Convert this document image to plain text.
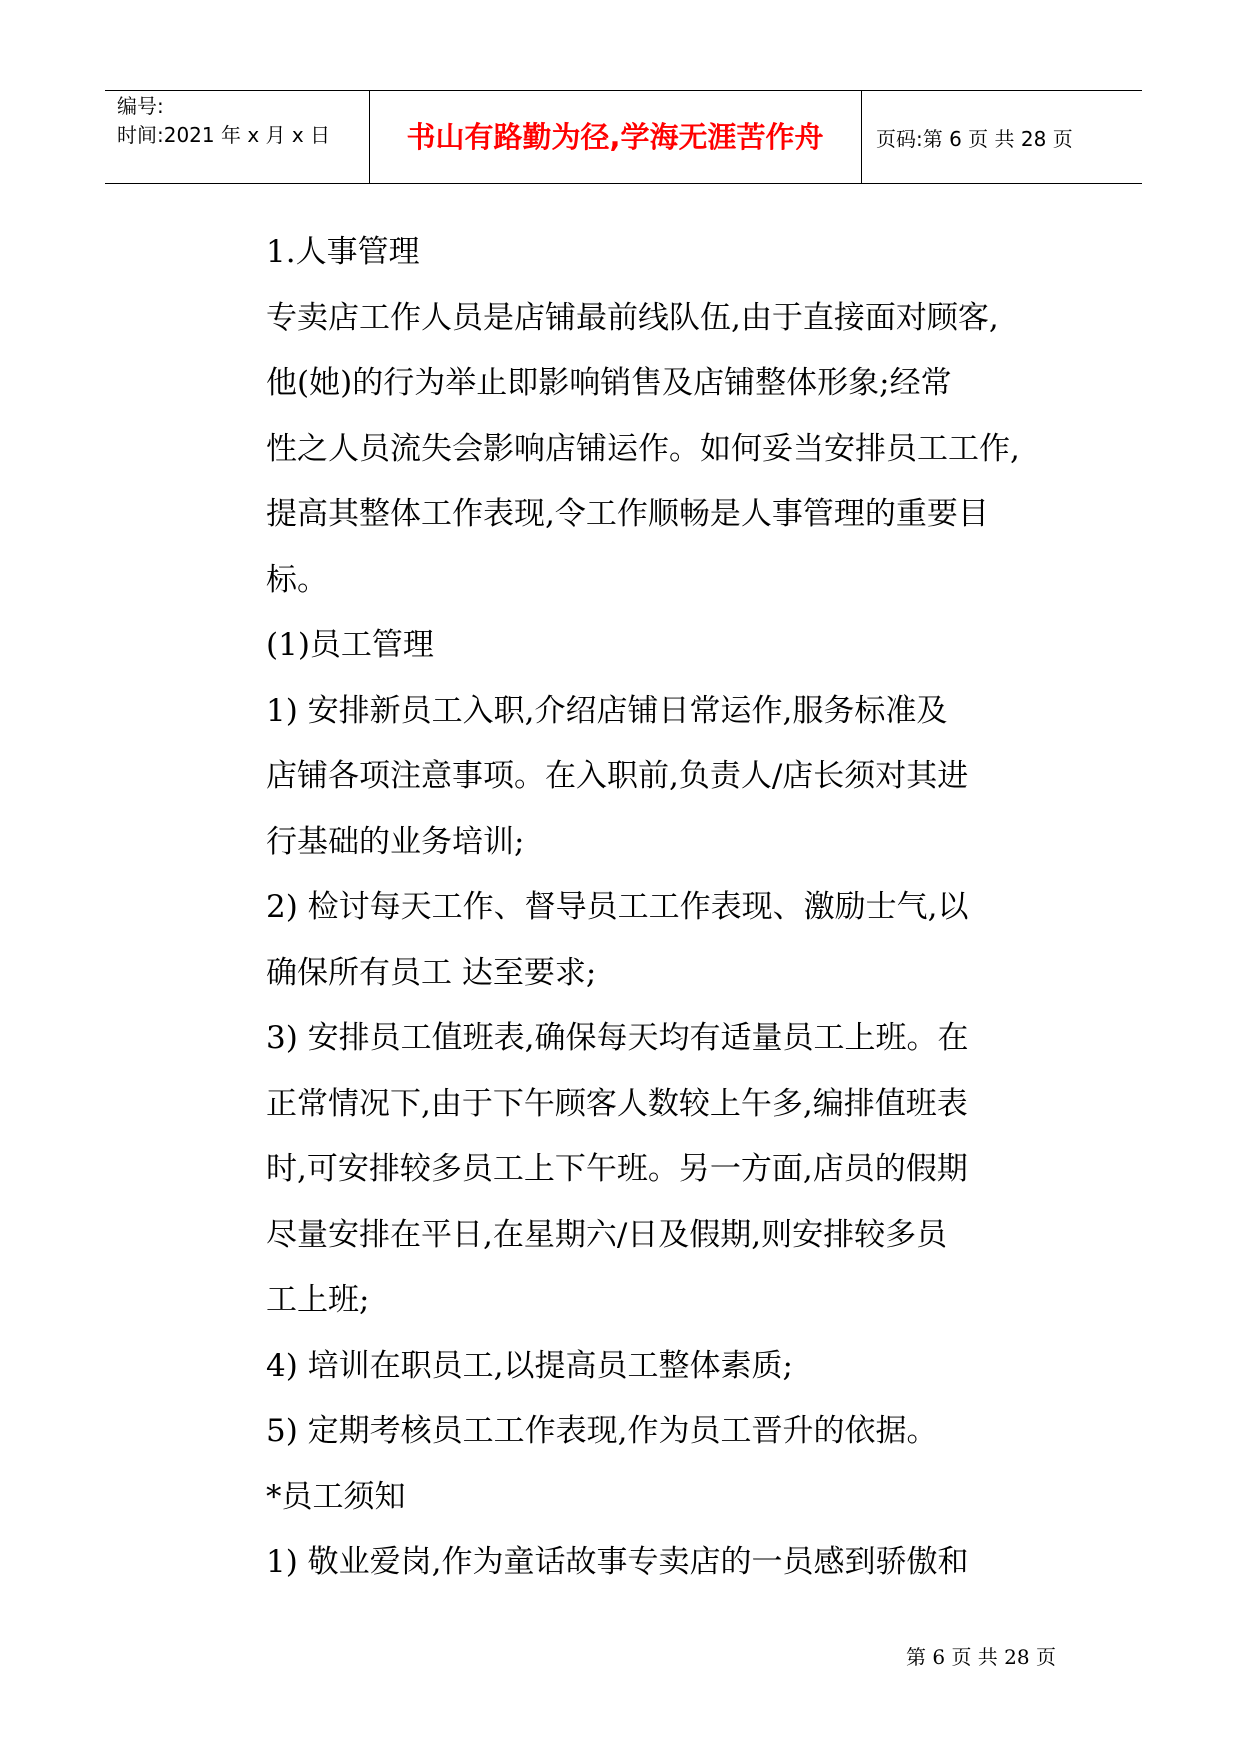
编号:
时间:2021 年 x 月 x 日	书山有路勤为径,学海无涯苦作舟	页码:第 6 页 共 28 页

1.人事管理

专卖店工作人员是店铺最前线队伍,由于直接面对顾客,

他(她)的行为举止即影响销售及店铺整体形象;经常

性之人员流失会影响店铺运作。如何妥当安排员工工作,

提高其整体工作表现,令工作顺畅是人事管理的重要目

标。

(1)员工管理

1) 安排新员工入职,介绍店铺日常运作,服务标准及

店铺各项注意事项。在入职前,负责人/店长须对其进

行基础的业务培训;

2) 检讨每天工作、督导员工工作表现、激励士气,以

确保所有员工 达至要求;

3) 安排员工值班表,确保每天均有适量员工上班。在

正常情况下,由于下午顾客人数较上午多,编排值班表

时,可安排较多员工上下午班。另一方面,店员的假期

尽量安排在平日,在星期六/日及假期,则安排较多员

工上班;

4) 培训在职员工,以提高员工整体素质;

5) 定期考核员工工作表现,作为员工晋升的依据。

*员工须知

1) 敬业爱岗,作为童话故事专卖店的一员感到骄傲和

第 6 页 共 28 页
